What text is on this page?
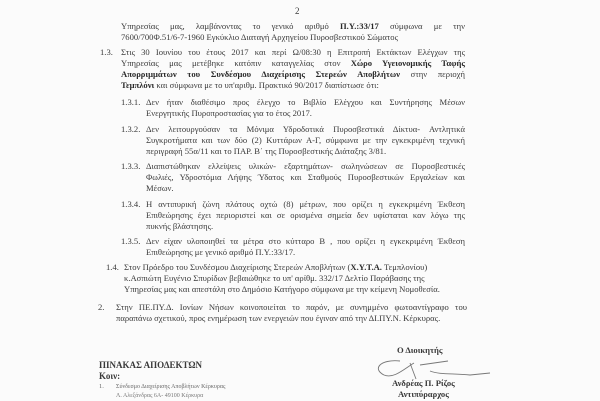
2
Υπηρεσίας μας, λαμβάνοντας το γενικό αριθμό Π.Υ.:33/17 σύμφωνα με την
7600/700Φ.51/6-7-1960 Εγκύκλιο Διαταγή Αρχηγείου Πυροσβεστικού Σώματος
1.3. Στις 30 Ιουνίου του έτους 2017 και περί Ω/08:30 η Επιτροπή Εκτάκτων Ελέγχων της
Υπηρεσίας μας μετέβηκε κατόπιν καταγγελίας στον Χώρο Υγειονομικής Ταφής
Απορριμμάτων του Συνδέσμου Διαχείρισης Στερεών Αποβλήτων στην περιοχή
Τεμπλόνι και σύμφωνα με το υπ'αριθμ. Πρακτικό 90/2017 διαπίστωσε ότι:
1.3.1. Δεν ήταν διαθέσιμο προς έλεγχο το Βιβλίο Ελέγχου και Συντήρησης Μέσων
Ενεργητικής Πυροπροστασίας για το έτος 2017.
1.3.2. Δεν λειτουργούσαν τα Μόνιμα Υδροδοτικά Πυροσβεστικά Δίκτυα- Αντλητικά
Συγκροτήματα και των δύο (2) Κυττάρων Α-Γ, σύμφωνα με την εγκεκριμένη τεχνική
περιγραφή 55α/11 και το ΠΑΡ. Β΄ της Πυροσβεστικής Διάταξης 3/81.
1.3.3. Διαπιστώθηκαν ελλείψεις υλικών- εξαρτημάτων- σωληνώσεων σε Πυροσβεστικές
Φωλιές, Υδροστόμια Λήψης Ύδατος και Σταθμούς Πυροσβεστικών Εργαλείων και
Μέσων.
1.3.4. Η αντιπυρική ζώνη πλάτους οχτώ (8) μέτρων, που ορίζει η εγκεκριμένη Έκθεση
Επιθεώρησης έχει περιοριστεί και σε ορισμένα σημεία δεν υφίσταται καν λόγω της
πυκνής βλάστησης.
1.3.5. Δεν είχαν υλοποιηθεί τα μέτρα στο κύτταρο Β , που ορίζει η εγκεκριμένη Έκθεση
Επιθεώρησης με γενικό αριθμό Π.Υ.:33/17.
1.4. Στον Πρόεδρο του Συνδέσμου Διαχείρισης Στερεών Αποβλήτων (Χ.Υ.Τ.Α. Τεμπλονίου)
κ.Ασπιώτη Ευγένιο Σπυρίδων βεβαιώθηκε το υπ' αρίθμ. 332/17 Δελτίο Παράβασης της
Υπηρεσίας μας και απεστάλη στο Δημόσιο Κατήγορο σύμφωνα με την κείμενη Νομοθεσία.
2. Στην ΠΕ.ΠΥ.Δ. Ιονίων Νήσων κοινοποιείται το παρόν, με συνημμένο φωτοαντίγραφο του
παραπάνω σχετικού, προς ενημέρωση των ενεργειών που έγιναν από την ΔΙ.ΠΥ.Ν. Κέρκυρας.
Ο Διοικητής
Ανδρέας Π. Ρίζος
Αντιπύραρχος
ΠΙΝΑΚΑΣ ΑΠΟΔΕΚΤΩΝ
Κοιν:
1. Σύνδεσμο Διαχείρισης Αποβλήτων Κέρκυρας
Λ. Αλεξάνδρας 6Α- 49100 Κέρκυρα
